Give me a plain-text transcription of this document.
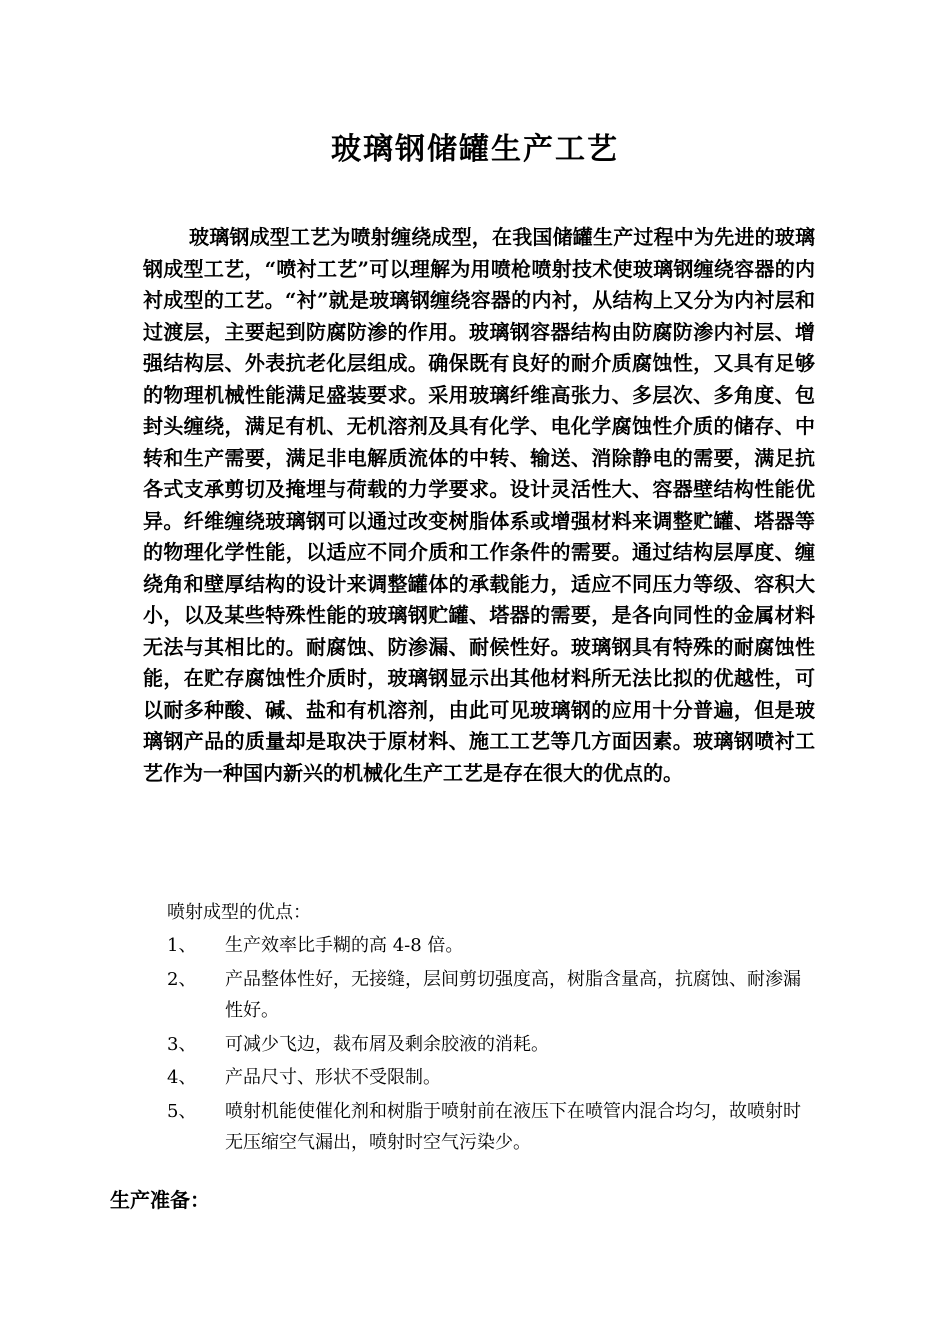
玻璃钢储罐生产工艺

玻璃钢成型工艺为喷射缠绕成型，在我国储罐生产过程中为先进的玻璃钢成型工艺，“喷衬工艺”可以理解为用喷枪喷射技术使玻璃钢缠绕容器的内衬成型的工艺。“衬”就是玻璃钢缠绕容器的内衬，从结构上又分为内衬层和过渡层，主要起到防腐防渗的作用。玻璃钢容器结构由防腐防渗内衬层、增强结构层、外表抗老化层组成。确保既有良好的耐介质腐蚀性，又具有足够的物理机械性能满足盛装要求。采用玻璃纤维高张力、多层次、多角度、包封头缠绕，满足有机、无机溶剂及具有化学、电化学腐蚀性介质的储存、中转和生产需要，满足非电解质流体的中转、输送、消除静电的需要，满足抗各式支承剪切及掩埋与荷载的力学要求。设计灵活性大、容器壁结构性能优异。纤维缠绕玻璃钢可以通过改变树脂体系或增强材料来调整贮罐、塔器等的物理化学性能，以适应不同介质和工作条件的需要。通过结构层厚度、缠绕角和壁厚结构的设计来调整罐体的承载能力，适应不同压力等级、容积大小，以及某些特殊性能的玻璃钢贮罐、塔器的需要，是各向同性的金属材料无法与其相比的。耐腐蚀、防渗漏、耐候性好。玻璃钢具有特殊的耐腐蚀性能，在贮存腐蚀性介质时，玻璃钢显示出其他材料所无法比拟的优越性，可以耐多种酸、碱、盐和有机溶剂，由此可见玻璃钢的应用十分普遍，但是玻璃钢产品的质量却是取决于原材料、施工工艺等几方面因素。玻璃钢喷衬工艺作为一种国内新兴的机械化生产工艺是存在很大的优点的。

喷射成型的优点：
1、 生产效率比手糊的高 4-8 倍。
2、 产品整体性好，无接缝，层间剪切强度高，树脂含量高，抗腐蚀、耐渗漏性好。
3、 可减少飞边，裁布屑及剩余胶液的消耗。
4、 产品尺寸、形状不受限制。
5、 喷射机能使催化剂和树脂于喷射前在液压下在喷管内混合均匀，故喷射时无压缩空气漏出，喷射时空气污染少。
生产准备：
